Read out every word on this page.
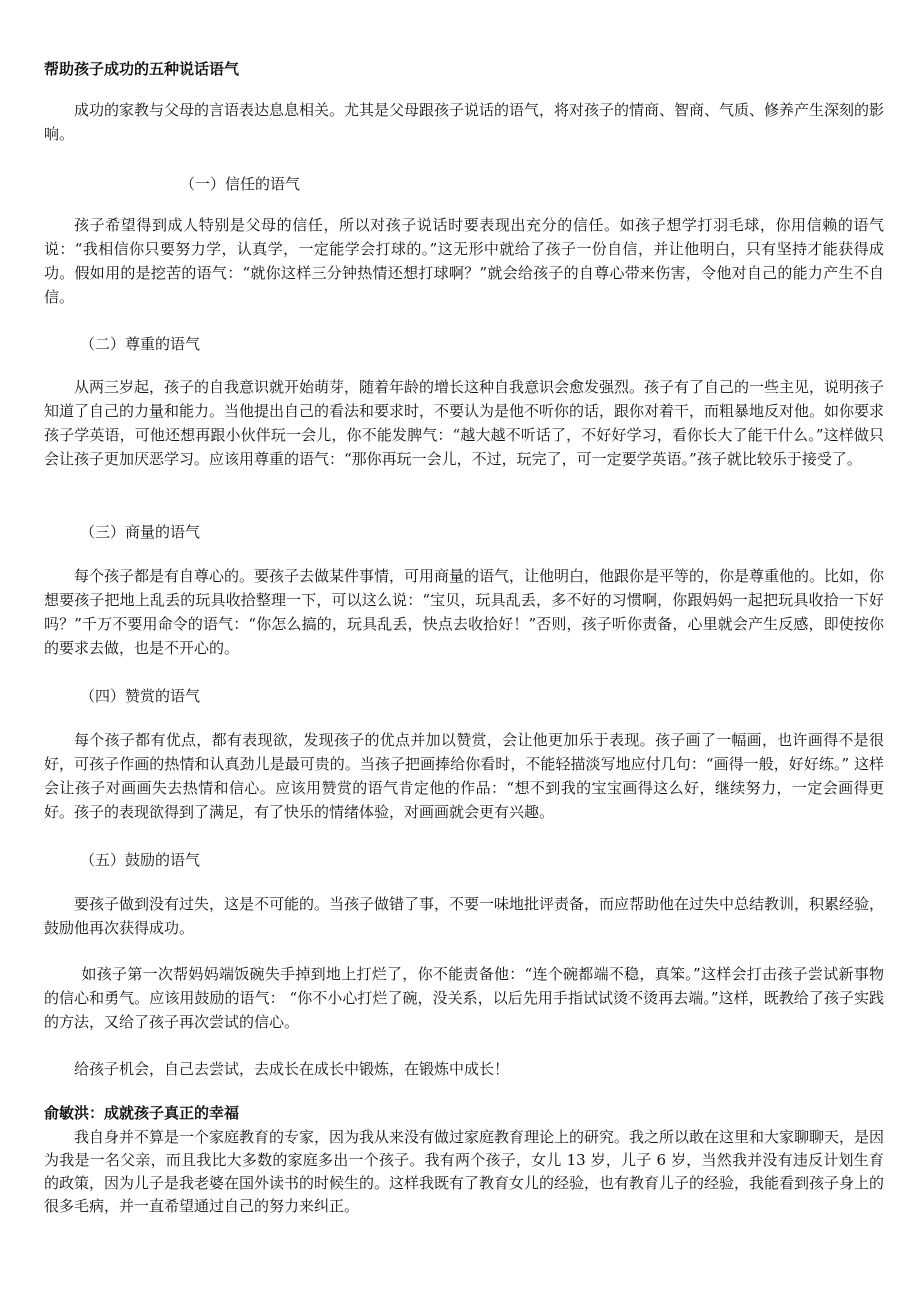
帮助孩子成功的五种说话语气
成功的家教与父母的言语表达息息相关。尤其是父母跟孩子说话的语气，将对孩子的情商、智商、气质、修养产生深刻的影响。
（一）信任的语气
孩子希望得到成人特别是父母的信任，所以对孩子说话时要表现出充分的信任。如孩子想学打羽毛球，你用信赖的语气说：“我相信你只要努力学，认真学，一定能学会打球的。”这无形中就给了孩子一份自信，并让他明白，只有坚持才能获得成功。假如用的是挖苦的语气：“就你这样三分钟热情还想打球啊？”就会给孩子的自尊心带来伤害，令他对自己的能力产生不自信。
（二）尊重的语气
从两三岁起，孩子的自我意识就开始萌芽，随着年龄的增长这种自我意识会愈发强烈。孩子有了自己的一些主见，说明孩子知道了自己的力量和能力。当他提出自己的看法和要求时，不要认为是他不听你的话，跟你对着干，而粗暴地反对他。如你要求孩子学英语，可他还想再跟小伙伴玩一会儿，你不能发脾气：“越大越不听话了，不好好学习，看你长大了能干什么。”这样做只会让孩子更加厌恶学习。应该用尊重的语气：“那你再玩一会儿，不过，玩完了，可一定要学英语。”孩子就比较乐于接受了。
（三）商量的语气
每个孩子都是有自尊心的。要孩子去做某件事情，可用商量的语气，让他明白，他跟你是平等的，你是尊重他的。比如，你想要孩子把地上乱丢的玩具收拾整理一下，可以这么说：“宝贝，玩具乱丢，多不好的习惯啊，你跟妈妈一起把玩具收拾一下好吗？”千万不要用命令的语气：“你怎么搞的，玩具乱丢，快点去收拾好！”否则，孩子听你责备，心里就会产生反感，即使按你的要求去做，也是不开心的。
（四）赞赏的语气
每个孩子都有优点，都有表现欲，发现孩子的优点并加以赞赏，会让他更加乐于表现。孩子画了一幅画，也许画得不是很好，可孩子作画的热情和认真劲儿是最可贵的。当孩子把画捧给你看时，不能轻描淡写地应付几句：“画得一般，好好练。” 这样会让孩子对画画失去热情和信心。应该用赞赏的语气肯定他的作品：“想不到我的宝宝画得这么好，继续努力，一定会画得更好。孩子的表现欲得到了满足，有了快乐的情绪体验，对画画就会更有兴趣。
（五）鼓励的语气
要孩子做到没有过失，这是不可能的。当孩子做错了事，不要一味地批评责备，而应帮助他在过失中总结教训，积累经验，鼓励他再次获得成功。
如孩子第一次帮妈妈端饭碗失手掉到地上打烂了，你不能责备他：“连个碗都端不稳，真笨。”这样会打击孩子尝试新事物的信心和勇气。应该用鼓励的语气： “你不小心打烂了碗，没关系，以后先用手指试试烫不烫再去端。”这样，既教给了孩子实践的方法，又给了孩子再次尝试的信心。
给孩子机会，自己去尝试，去成长在成长中锻炼，在锻炼中成长！
俞敏洪：成就孩子真正的幸福
我自身并不算是一个家庭教育的专家，因为我从来没有做过家庭教育理论上的研究。我之所以敢在这里和大家聊聊天，是因为我是一名父亲，而且我比大多数的家庭多出一个孩子。我有两个孩子，女儿 13 岁，儿子 6 岁，当然我并没有违反计划生育的政策，因为儿子是我老婆在国外读书的时候生的。这样我既有了教育女儿的经验，也有教育儿子的经验，我能看到孩子身上的很多毛病，并一直希望通过自己的努力来纠正。
